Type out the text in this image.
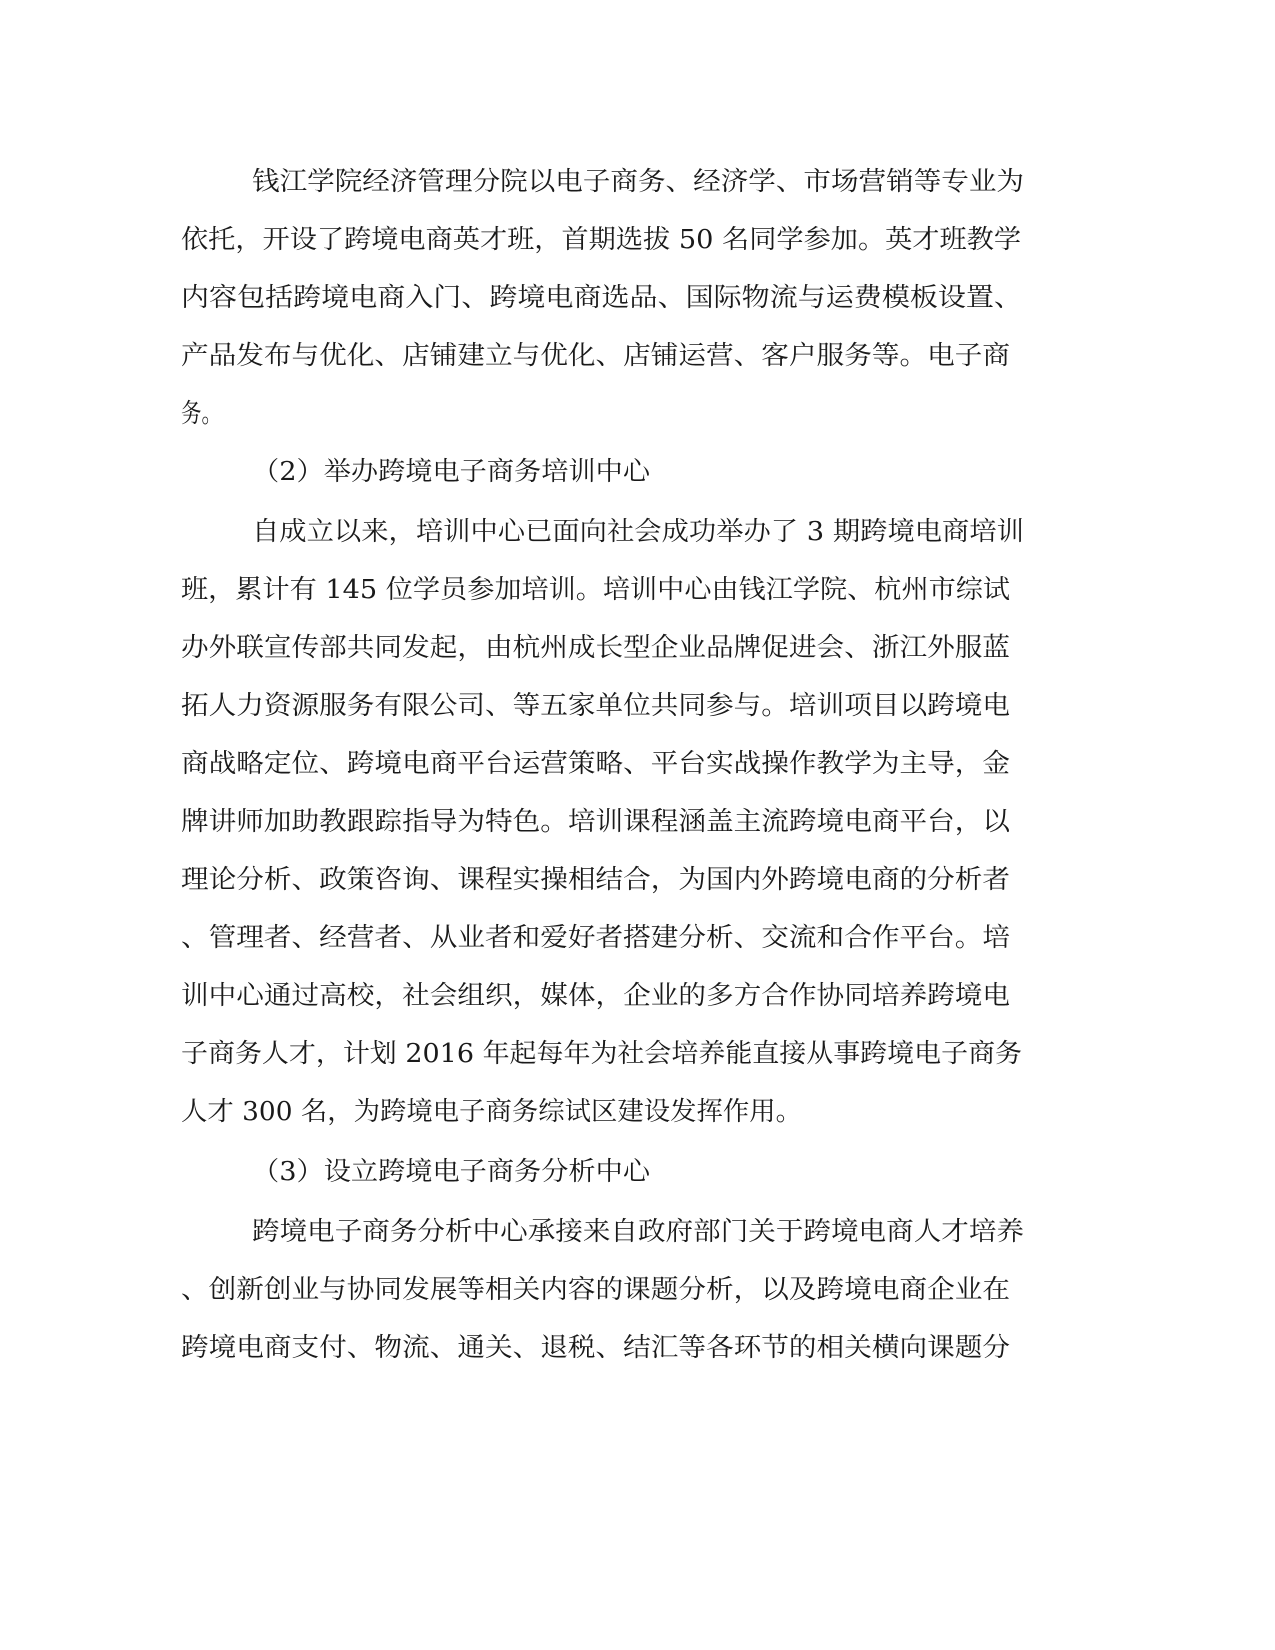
钱江学院经济管理分院以电子商务、经济学、市场营销等专业为
依托，开设了跨境电商英才班，首期选拔 50 名同学参加。英才班教学
内容包括跨境电商入门、跨境电商选品、国际物流与运费模板设置、
产品发布与优化、店铺建立与优化、店铺运营、客户服务等。电子商
务。
（2）举办跨境电子商务培训中心
自成立以来，培训中心已面向社会成功举办了 3 期跨境电商培训
班，累计有 145 位学员参加培训。培训中心由钱江学院、杭州市综试
办外联宣传部共同发起，由杭州成长型企业品牌促进会、浙江外服蓝
拓人力资源服务有限公司、等五家单位共同参与。培训项目以跨境电
商战略定位、跨境电商平台运营策略、平台实战操作教学为主导，金
牌讲师加助教跟踪指导为特色。培训课程涵盖主流跨境电商平台，以
理论分析、政策咨询、课程实操相结合，为国内外跨境电商的分析者
、管理者、经营者、从业者和爱好者搭建分析、交流和合作平台。培
训中心通过高校，社会组织，媒体，企业的多方合作协同培养跨境电
子商务人才，计划 2016 年起每年为社会培养能直接从事跨境电子商务
人才 300 名，为跨境电子商务综试区建设发挥作用。
（3）设立跨境电子商务分析中心
跨境电子商务分析中心承接来自政府部门关于跨境电商人才培养
、创新创业与协同发展等相关内容的课题分析，以及跨境电商企业在
跨境电商支付、物流、通关、退税、结汇等各环节的相关横向课题分
